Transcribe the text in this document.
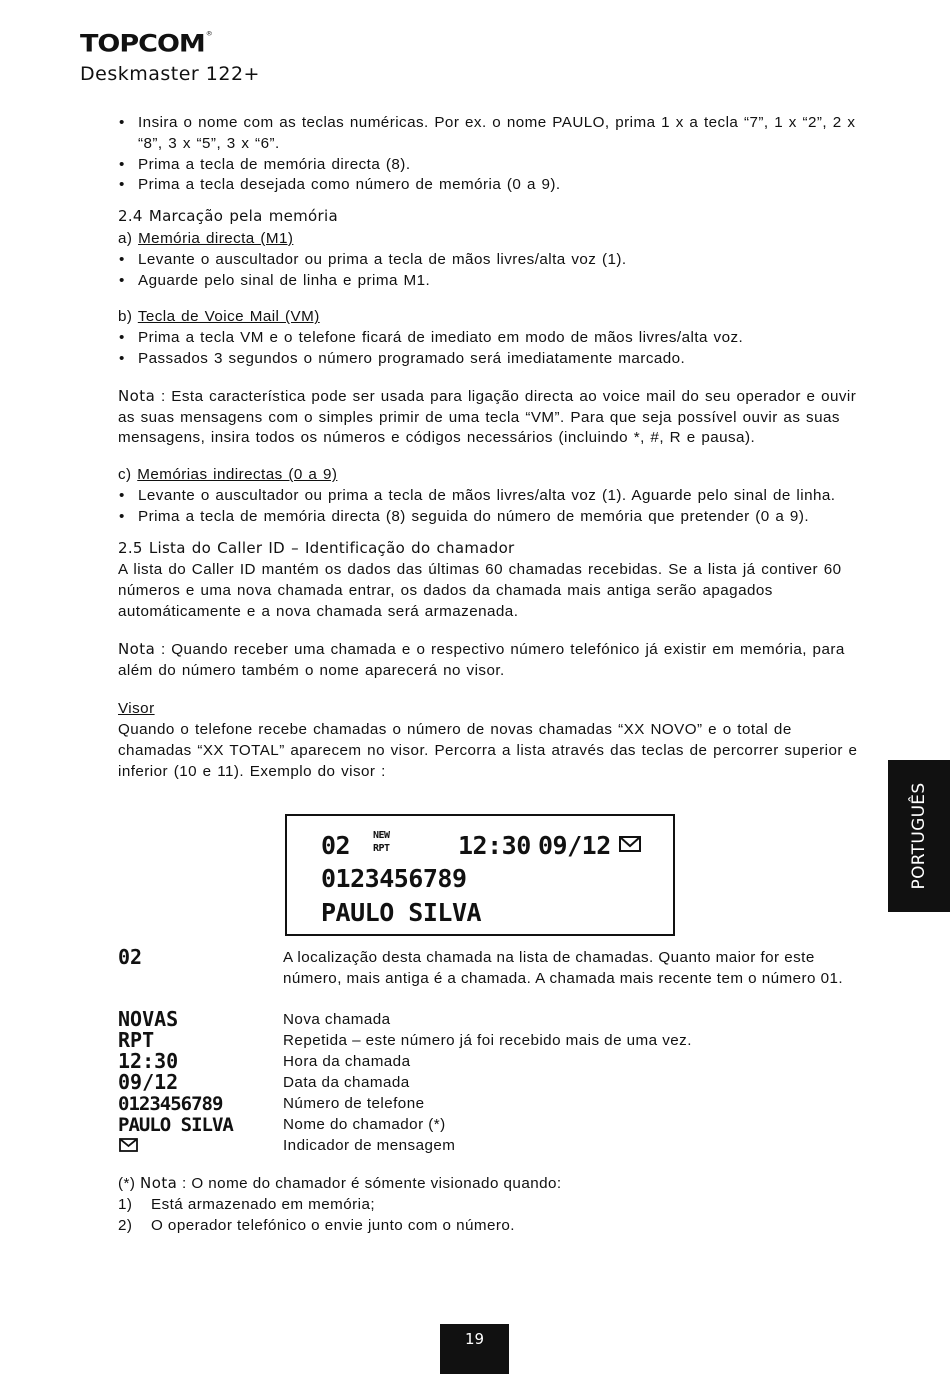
TOPCOM®
Deskmaster 122+

• Insira o nome com as teclas numéricas. Por ex. o nome PAULO, prima 1 x a tecla “7”, 1 x “2”, 2 x “8”, 3 x “5”, 3 x “6”.

• Prima a tecla de memória directa (8).

• Prima a tecla desejada como número de memória (0 a 9).

2.4 Marcação pela memória

a) Memória directa (M1)

• Levante o auscultador ou prima a tecla de mãos livres/alta voz (1).

• Aguarde pelo sinal de linha e prima M1.

b) Tecla de Voice Mail (VM)

• Prima a tecla VM e o telefone ficará de imediato em modo de mãos livres/alta voz.

• Passados 3 segundos o número programado será imediatamente marcado.

Nota : Esta característica pode ser usada para ligação directa ao voice mail do seu operador e ouvir as suas mensagens com o simples primir de uma tecla “VM”. Para que seja possível ouvir as suas mensagens, insira todos os números e códigos necessários (incluindo *, #, R e pausa).

c) Memórias indirectas (0 a 9)

• Levante o auscultador ou prima a tecla de mãos livres/alta voz (1). Aguarde pelo sinal de linha.

• Prima a tecla de memória directa (8) seguida do número de memória que pretender (0 a 9).

2.5 Lista do Caller ID – Identificação do chamador

A lista do Caller ID mantém os dados das últimas 60 chamadas recebidas. Se a lista já contiver 60 números e uma nova chamada entrar, os dados da chamada mais antiga serão apagados automáticamente e a nova chamada será armazenada.

Nota : Quando receber uma chamada e o respectivo número telefónico já existir em memória, para além do número também o nome aparecerá no visor.

Visor

Quando o telefone recebe chamadas o número de novas chamadas “XX NOVO” e o total de chamadas “XX TOTAL” aparecem no visor. Percorra a lista através das teclas de percorrer superior e inferior (10 e 11). Exemplo do visor :

02 NEW
RPT	12:30 09/12
0123456789
PAULO SILVA
02	A localização desta chamada na lista de chamadas. Quanto maior for este número, mais antiga é a chamada. A chamada mais recente tem o número 01.
NOVAS	Nova chamada
RPT	Repetida – este número já foi recebido mais de uma vez.
12:30	Hora da chamada
09/12	Data da chamada
0123456789	Número de telefone
PAULO SILVA	Nome do chamador (*)
Indicador de mensagem

(*) Nota : O nome do chamador é sómente visionado quando:

1) Está armazenado em memória;

2) O operador telefónico o envie junto com o número.

PORTUGUÊS
19
